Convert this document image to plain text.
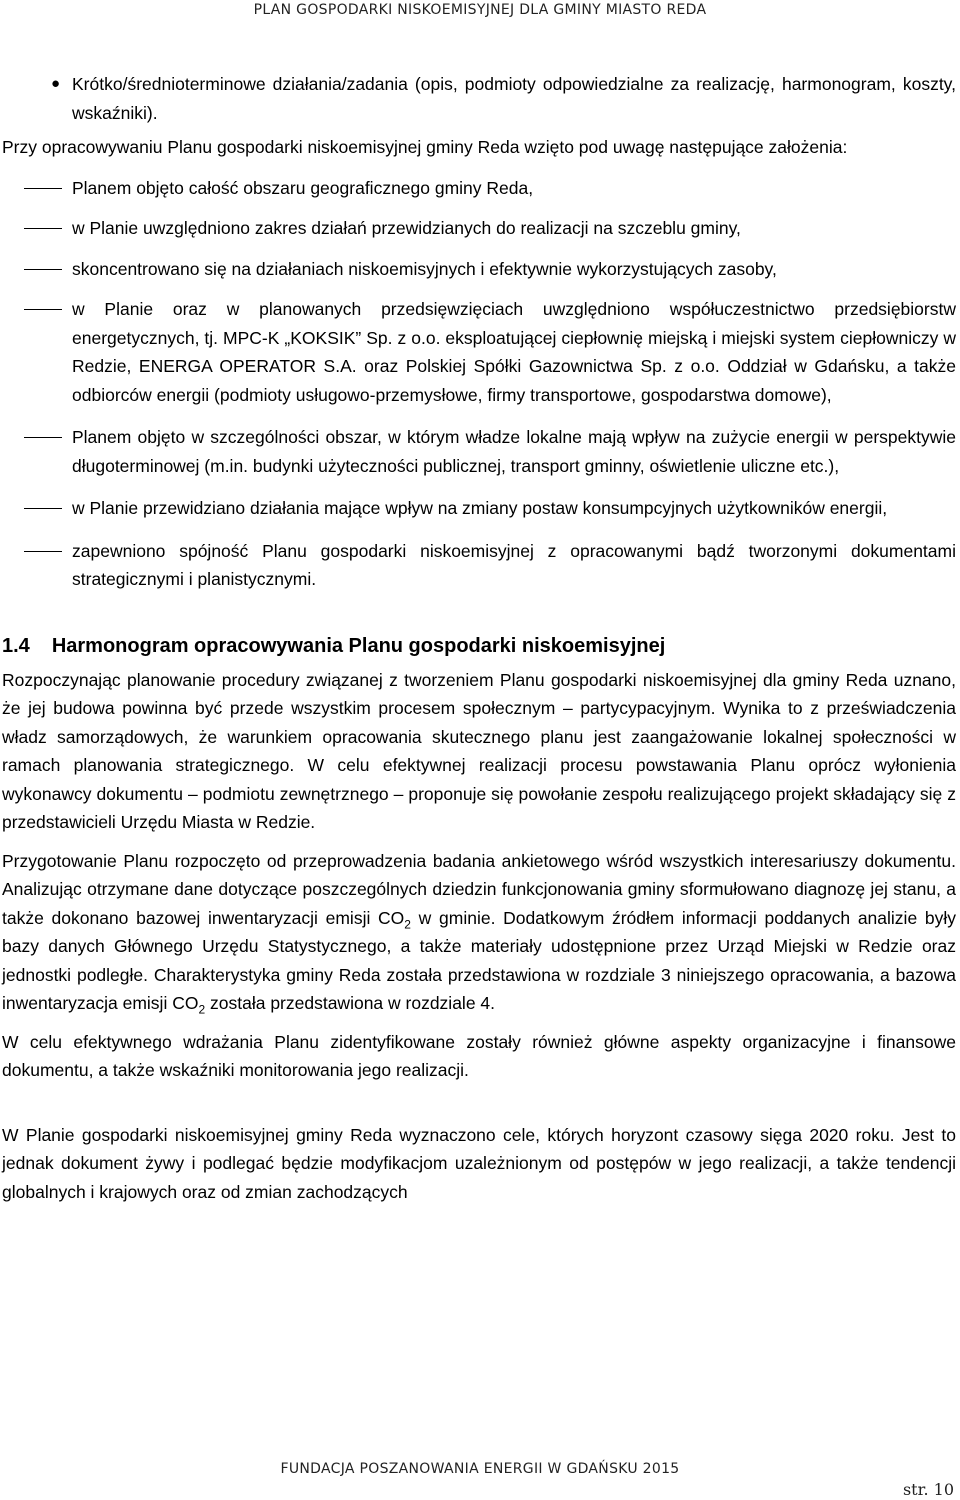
PLAN GOSPODARKI NISKOEMISYJNEJ DLA GMINY MIASTO REDA
● Krótko/średnioterminowe działania/zadania (opis, podmioty odpowiedzialne za realizację, harmonogram, koszty, wskaźniki).

Przy opracowywaniu Planu gospodarki niskoemisyjnej gminy Reda wzięto pod uwagę następujące założenia:

Planem objęto całość obszaru geograficznego gminy Reda,
w Planie uwzględniono zakres działań przewidzianych do realizacji na szczeblu gminy,
skoncentrowano się na działaniach niskoemisyjnych i efektywnie wykorzystujących zasoby,
w Planie oraz w planowanych przedsięwzięciach uwzględniono współuczestnictwo przedsiębiorstw energetycznych, tj. MPC-K „KOKSIK” Sp. z o.o. eksploatującej ciepłownię miejską i miejski system ciepłowniczy w Redzie, ENERGA OPERATOR S.A. oraz Polskiej Spółki Gazownictwa Sp. z o.o. Oddział w Gdańsku, a także odbiorców energii (podmioty usługowo-przemysłowe, firmy transportowe, gospodarstwa domowe),
Planem objęto w szczególności obszar, w którym władze lokalne mają wpływ na zużycie energii w perspektywie długoterminowej (m.in. budynki użyteczności publicznej, transport gminny, oświetlenie uliczne etc.),
w Planie przewidziano działania mające wpływ na zmiany postaw konsumpcyjnych użytkowników energii,
zapewniono spójność Planu gospodarki niskoemisyjnej z opracowanymi bądź tworzonymi dokumentami strategicznymi i planistycznymi.
1.4 Harmonogram opracowywania Planu gospodarki niskoemisyjnej

Rozpoczynając planowanie procedury związanej z tworzeniem Planu gospodarki niskoemisyjnej dla gminy Reda uznano, że jej budowa powinna być przede wszystkim procesem społecznym – partycypacyjnym. Wynika to z przeświadczenia władz samorządowych, że warunkiem opracowania skutecznego planu jest zaangażowanie lokalnej społeczności w ramach planowania strategicznego. W celu efektywnej realizacji procesu powstawania Planu oprócz wyłonienia wykonawcy dokumentu – podmiotu zewnętrznego – proponuje się powołanie zespołu realizującego projekt składający się z przedstawicieli Urzędu Miasta w Redzie.

Przygotowanie Planu rozpoczęto od przeprowadzenia badania ankietowego wśród wszystkich interesariuszy dokumentu. Analizując otrzymane dane dotyczące poszczególnych dziedzin funkcjonowania gminy sformułowano diagnozę jej stanu, a także dokonano bazowej inwentaryzacji emisji $CO_2$ w gminie. Dodatkowym źródłem informacji poddanych analizie były bazy danych Głównego Urzędu Statystycznego, a także materiały udostępnione przez Urząd Miejski w Redzie oraz jednostki podległe. Charakterystyka gminy Reda została przedstawiona w rozdziale 3 niniejszego opracowania, a bazowa inwentaryzacja emisji $CO_2$ została przedstawiona w rozdziale 4.

W celu efektywnego wdrażania Planu zidentyfikowane zostały również główne aspekty organizacyjne i finansowe dokumentu, a także wskaźniki monitorowania jego realizacji.

W Planie gospodarki niskoemisyjnej gminy Reda wyznaczono cele, których horyzont czasowy sięga 2020 roku. Jest to jednak dokument żywy i podlegać będzie modyfikacjom uzależnionym od postępów w jego realizacji, a także tendencji globalnych i krajowych oraz od zmian zachodzących

FUNDACJA POSZANOWANIA ENERGII W GDAŃSKU 2015
str. 10
